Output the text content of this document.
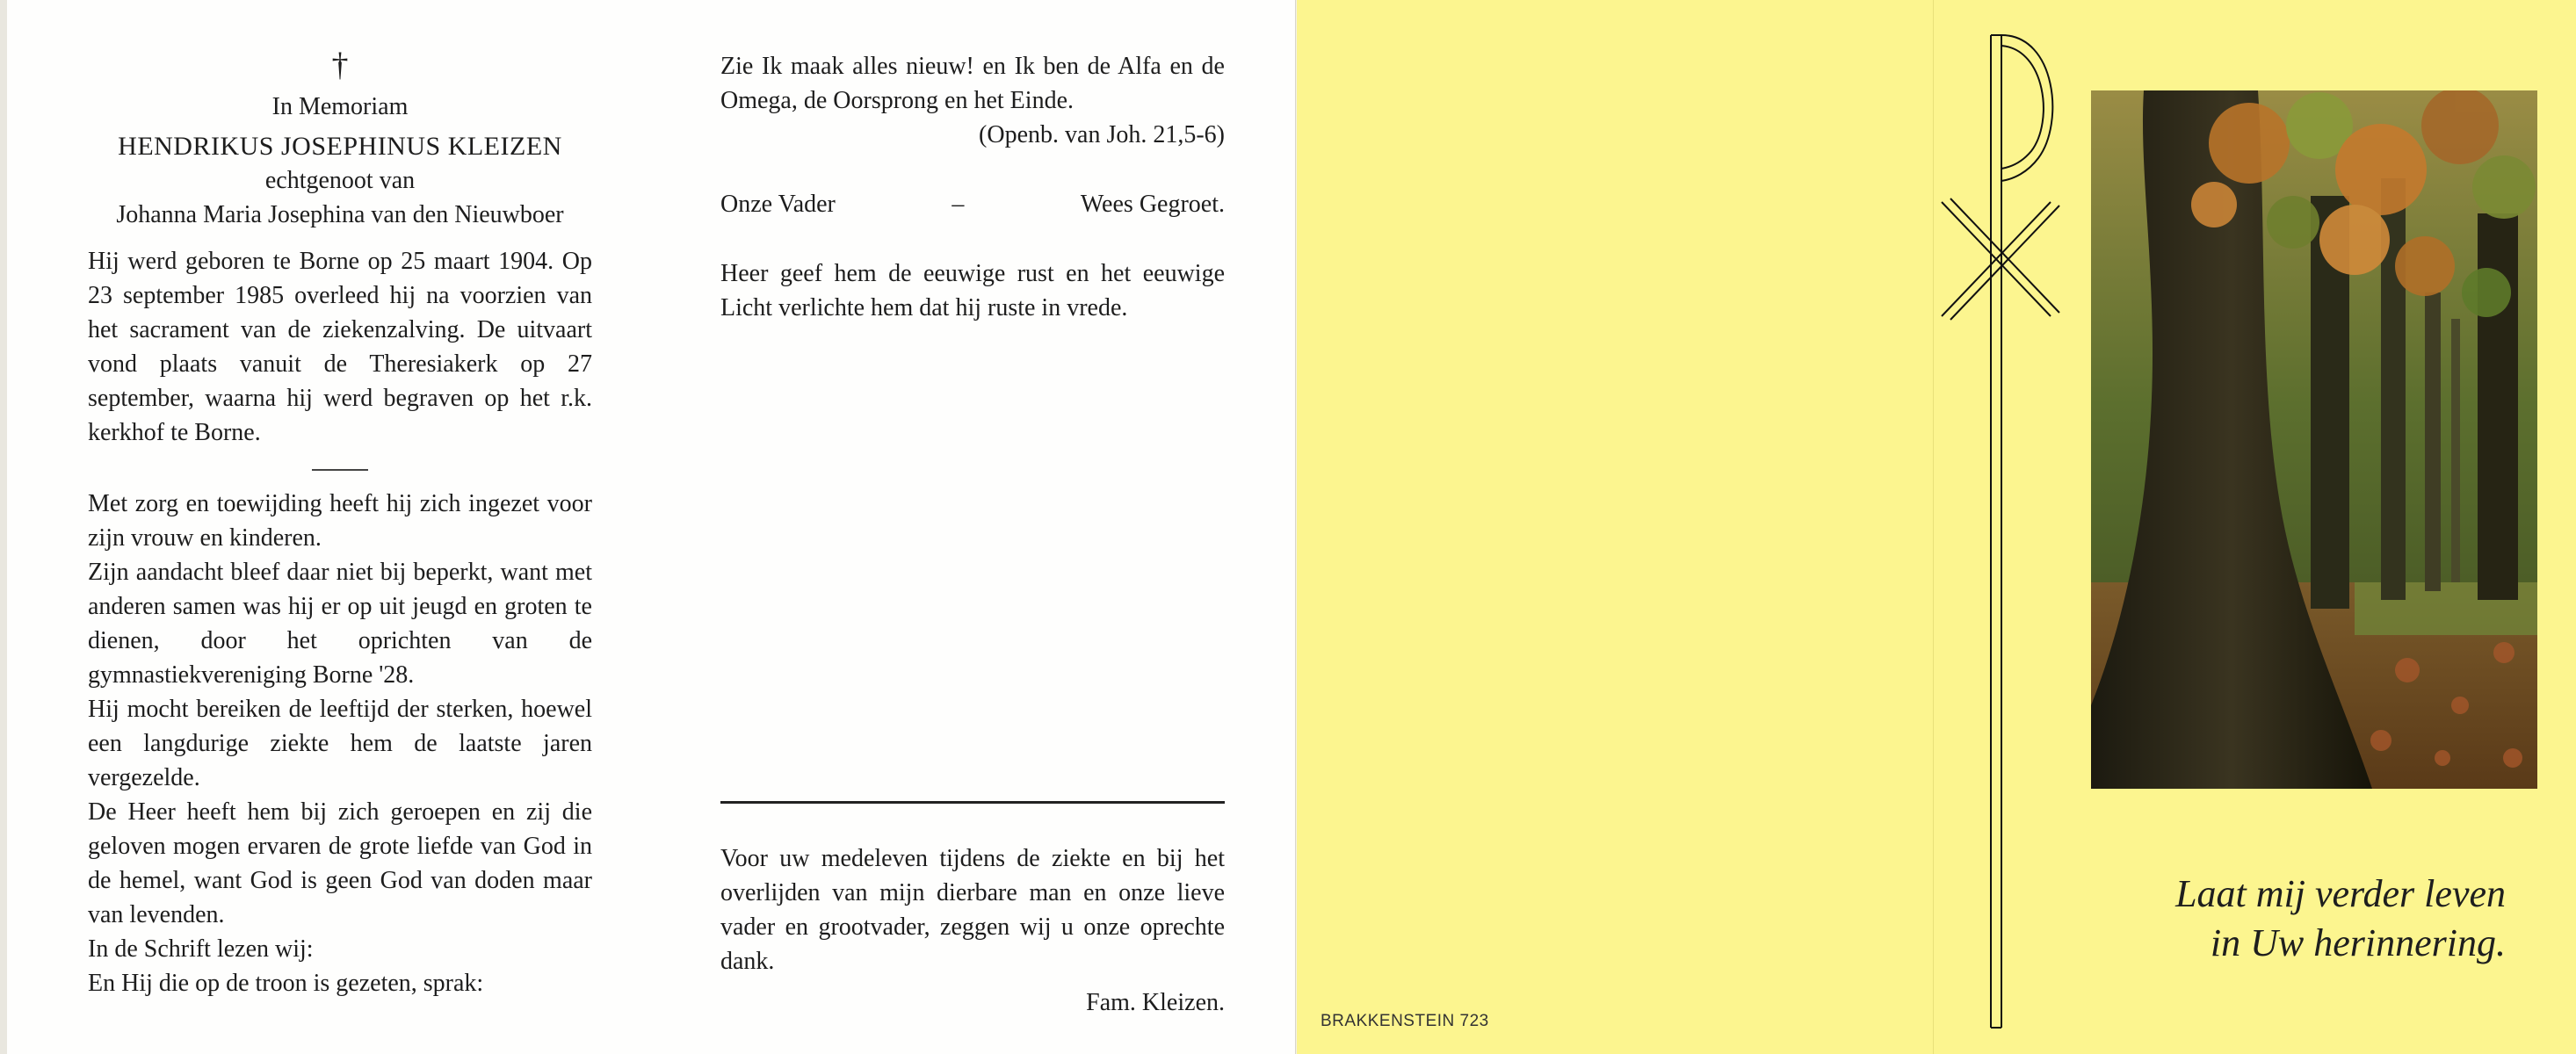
†
In Memoriam
HENDRIKUS JOSEPHINUS KLEIZEN
echtgenoot van
Johanna Maria Josephina van den Nieuwboer
Hij werd geboren te Borne op 25 maart 1904. Op 23 september 1985 overleed hij na voorzien van het sacrament van de ziekenzalving. De uitvaart vond plaats vanuit de Theresiakerk op 27 september, waarna hij werd begraven op het r.k. kerkhof te Borne.
Met zorg en toewijding heeft hij zich ingezet voor zijn vrouw en kinderen.
Zijn aandacht bleef daar niet bij beperkt, want met anderen samen was hij er op uit jeugd en groten te dienen, door het oprichten van de gymnastiekvereniging Borne '28.
Hij mocht bereiken de leeftijd der sterken, hoewel een langdurige ziekte hem de laatste jaren vergezelde.
De Heer heeft hem bij zich geroepen en zij die geloven mogen ervaren de grote liefde van God in de hemel, want God is geen God van doden maar van levenden.
In de Schrift lezen wij:
En Hij die op de troon is gezeten, sprak:
Zie Ik maak alles nieuw! en Ik ben de Alfa en de Omega, de Oorsprong en het Einde.
(Openb. van Joh. 21,5-6)
Onze Vader	–	Wees Gegroet.
Heer geef hem de eeuwige rust en het eeuwige Licht verlichte hem dat hij ruste in vrede.
Voor uw medeleven tijdens de ziekte en bij het overlijden van mijn dierbare man en onze lieve vader en grootvader, zeggen wij u onze oprechte dank.
Fam. Kleizen.
BRAKKENSTEIN 723
Laat mij verder leven
in Uw herinnering.
